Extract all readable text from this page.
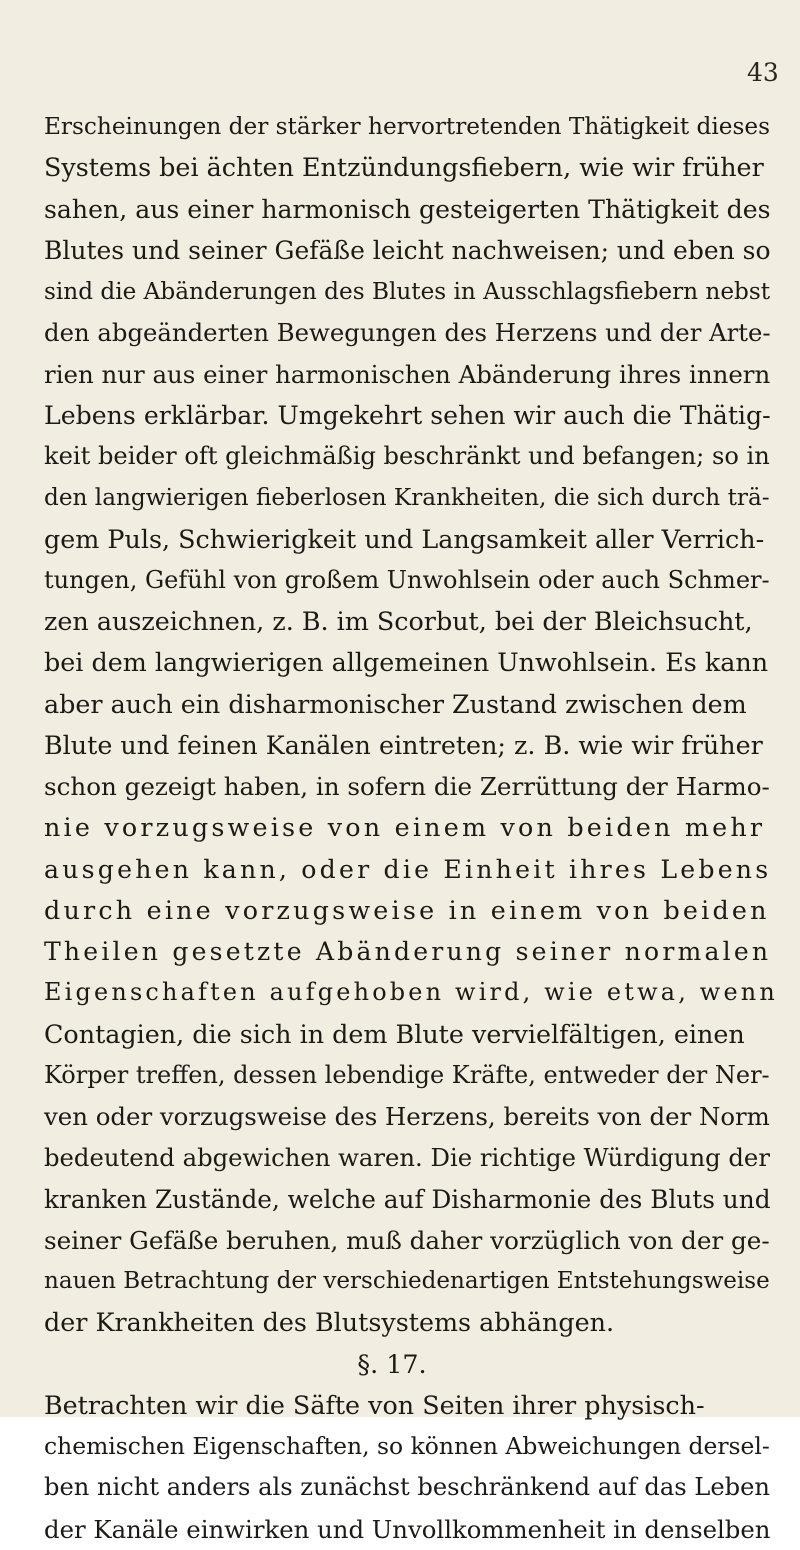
43
Erscheinungen der stärker hervortretenden Thätigkeit dieses
Systems bei ächten Entzündungsfiebern, wie wir früher
sahen, aus einer harmonisch gesteigerten Thätigkeit des
Blutes und seiner Gefäße leicht nachweisen; und eben so
sind die Abänderungen des Blutes in Ausschlagsfiebern nebst
den abgeänderten Bewegungen des Herzens und der Arte-
rien nur aus einer harmonischen Abänderung ihres innern
Lebens erklärbar. Umgekehrt sehen wir auch die Thätig-
keit beider oft gleichmäßig beschränkt und befangen; so in
den langwierigen fieberlosen Krankheiten, die sich durch trä-
gem Puls, Schwierigkeit und Langsamkeit aller Verrich-
tungen, Gefühl von großem Unwohlsein oder auch Schmer-
zen auszeichnen, z. B. im Scorbut, bei der Bleichsucht,
bei dem langwierigen allgemeinen Unwohlsein. Es kann
aber auch ein disharmonischer Zustand zwischen dem
Blute und feinen Kanälen eintreten; z. B. wie wir früher
schon gezeigt haben, in sofern die Zerrüttung der Harmo-
nie vorzugsweise von einem von beiden mehr
ausgehen kann, oder die Einheit ihres Lebens
durch eine vorzugsweise in einem von beiden
Theilen gesetzte Abänderung seiner normalen
Eigenschaften aufgehoben wird, wie etwa, wenn
Contagien, die sich in dem Blute vervielfältigen, einen
Körper treffen, dessen lebendige Kräfte, entweder der Ner-
ven oder vorzugsweise des Herzens, bereits von der Norm
bedeutend abgewichen waren. Die richtige Würdigung der
kranken Zustände, welche auf Disharmonie des Bluts und
seiner Gefäße beruhen, muß daher vorzüglich von der ge-
nauen Betrachtung der verschiedenartigen Entstehungsweise
der Krankheiten des Blutsystems abhängen.
§. 17.
Betrachten wir die Säfte von Seiten ihrer physisch-
chemischen Eigenschaften, so können Abweichungen dersel-
ben nicht anders als zunächst beschränkend auf das Leben
der Kanäle einwirken und Unvollkommenheit in denselben
